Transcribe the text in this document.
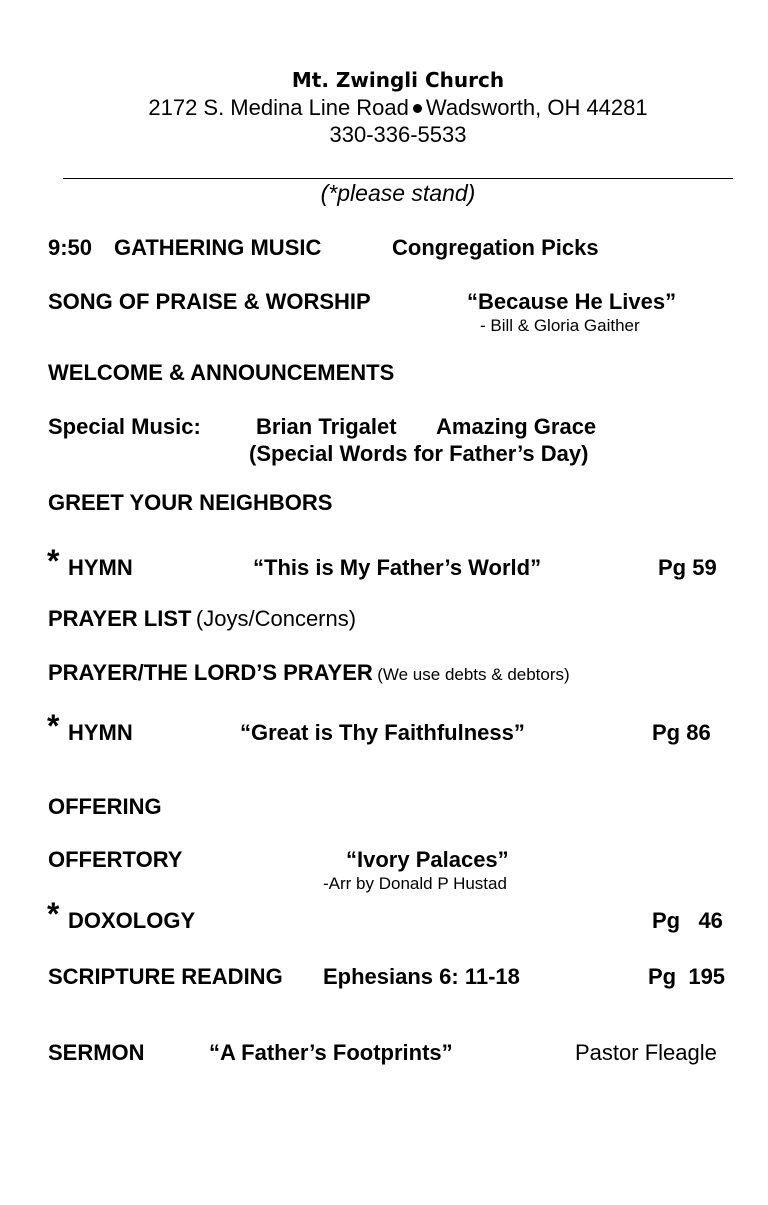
Mt. Zwingli Church
2172 S. Medina Line Road Wadsworth, OH 44281
330-336-5533
(*please stand)
9:50 GATHERING MUSIC	Congregation Picks
SONG OF PRAISE & WORSHIP	“Because He Lives”
- Bill & Gloria Gaither
WELCOME & ANNOUNCEMENTS
Special Music:	Brian Trigalet Amazing Grace
(Special Words for Father’s Day)
GREET YOUR NEIGHBORS
* HYMN	“This is My Father’s World”	Pg 59
PRAYER LIST (Joys/Concerns)
PRAYER/THE LORD’S PRAYER (We use debts & debtors)
* HYMN	“Great is Thy Faithfulness”	Pg 86
OFFERING
OFFERTORY	“Ivory Palaces”
-Arr by Donald P Hustad
* DOXOLOGY	Pg   46
SCRIPTURE READING Ephesians 6: 11-18	Pg  195
SERMON	“A Father’s Footprints”	Pastor Fleagle
